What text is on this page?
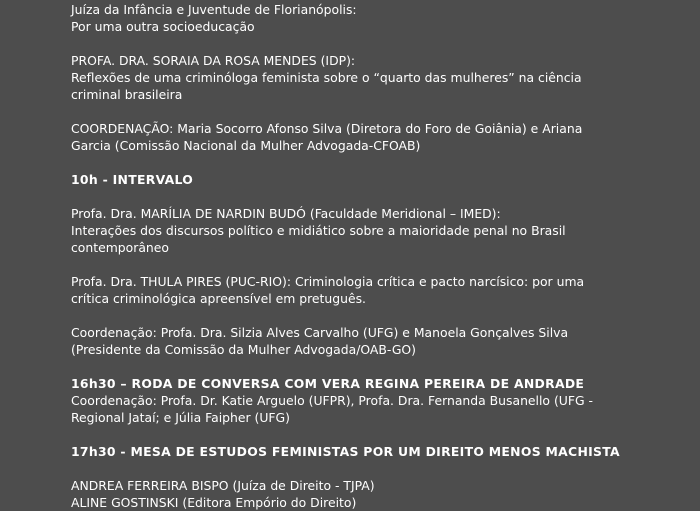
Juíza da Infância e Juventude de Florianópolis:

Por uma outra socioeducação

PROFA. DRA. SORAIA DA ROSA MENDES (IDP):

Reflexões de uma criminóloga feminista sobre o “quarto das mulheres” na ciência

criminal brasileira

COORDENAÇÃO: Maria Socorro Afonso Silva (Diretora do Foro de Goiânia) e Ariana

Garcia (Comissão Nacional da Mulher Advogada-CFOAB)

10h - INTERVALO

Profa. Dra. MARÍLIA DE NARDIN BUDÓ (Faculdade Meridional – IMED):

Interações dos discursos político e midiático sobre a maioridade penal no Brasil

contemporâneo

Profa. Dra. THULA PIRES (PUC-RIO): Criminologia crítica e pacto narcísico: por uma

crítica criminológica apreensível em pretuguês.

Coordenação: Profa. Dra. Silzia Alves Carvalho (UFG) e Manoela Gonçalves Silva

(Presidente da Comissão da Mulher Advogada/OAB-GO)

16h30 – RODA DE CONVERSA COM VERA REGINA PEREIRA DE ANDRADE

Coordenação: Profa. Dr. Katie Arguelo (UFPR), Profa. Dra. Fernanda Busanello (UFG -

Regional Jataí; e Júlia Faipher (UFG)

17h30 - MESA DE ESTUDOS FEMINISTAS POR UM DIREITO MENOS MACHISTA

ANDREA FERREIRA BISPO (Juíza de Direito - TJPA)

ALINE GOSTINSKI (Editora Empório do Direito)
